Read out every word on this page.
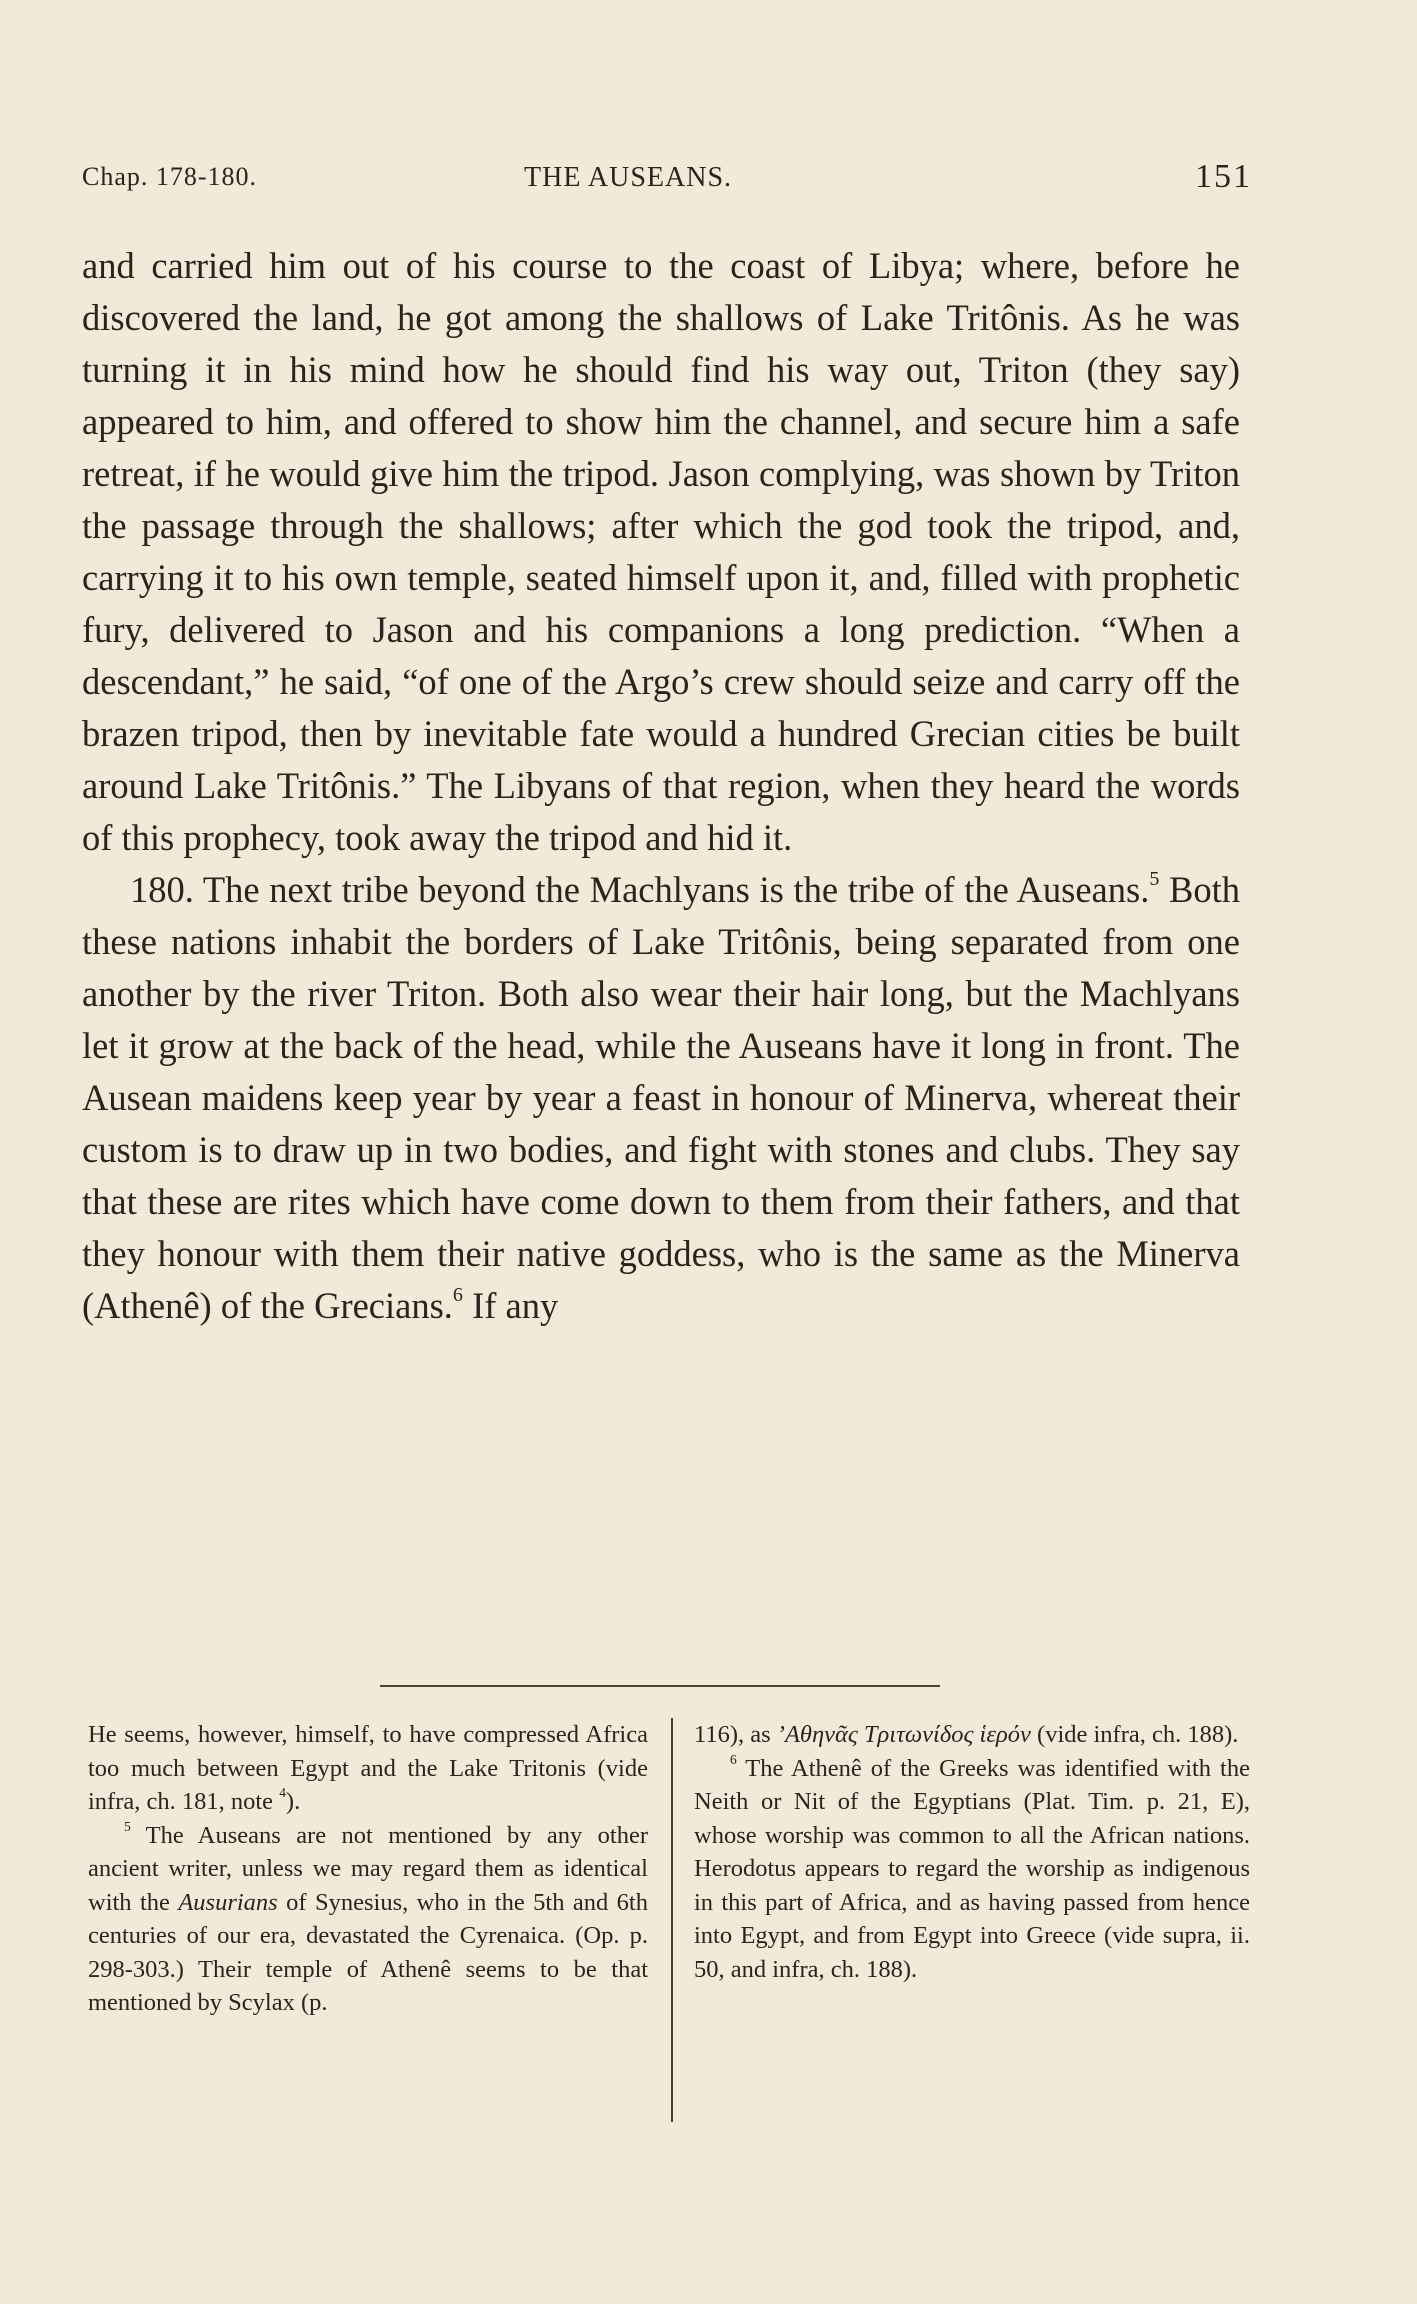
Chap. 178-180.	THE AUSEANS.	151

and carried him out of his course to the coast of Libya; where, before he discovered the land, he got among the shallows of Lake Tritônis. As he was turning it in his mind how he should find his way out, Triton (they say) appeared to him, and offered to show him the channel, and secure him a safe retreat, if he would give him the tripod. Jason complying, was shown by Triton the passage through the shallows; after which the god took the tripod, and, carrying it to his own temple, seated himself upon it, and, filled with prophetic fury, delivered to Jason and his companions a long prediction. “When a descendant,” he said, “of one of the Argo’s crew should seize and carry off the brazen tripod, then by inevitable fate would a hundred Grecian cities be built around Lake Tritônis.” The Libyans of that region, when they heard the words of this prophecy, took away the tripod and hid it.

180. The next tribe beyond the Machlyans is the tribe of the Auseans.$^5$ Both these nations inhabit the borders of Lake Tritônis, being separated from one another by the river Triton. Both also wear their hair long, but the Machlyans let it grow at the back of the head, while the Auseans have it long in front. The Ausean maidens keep year by year a feast in honour of Minerva, whereat their custom is to draw up in two bodies, and fight with stones and clubs. They say that these are rites which have come down to them from their fathers, and that they honour with them their native goddess, who is the same as the Minerva (Athenê) of the Grecians.$^6$ If any

He seems, however, himself, to have compressed Africa too much between Egypt and the Lake Tritonis (vide infra, ch. 181, note $^4$).

$^5$ The Auseans are not mentioned by any other ancient writer, unless we may regard them as identical with the Ausurians of Synesius, who in the 5th and 6th centuries of our era, devastated the Cyrenaica. (Op. p. 298-303.) Their temple of Athenê seems to be that mentioned by Scylax (p.

116), as ’Αθηνᾶς Τριτωνίδος ἱερόν (vide infra, ch. 188).

$^6$ The Athenê of the Greeks was identified with the Neith or Nit of the Egyptians (Plat. Tim. p. 21, E), whose worship was common to all the African nations. Herodotus appears to regard the worship as indigenous in this part of Africa, and as having passed from hence into Egypt, and from Egypt into Greece (vide supra, ii. 50, and infra, ch. 188).
